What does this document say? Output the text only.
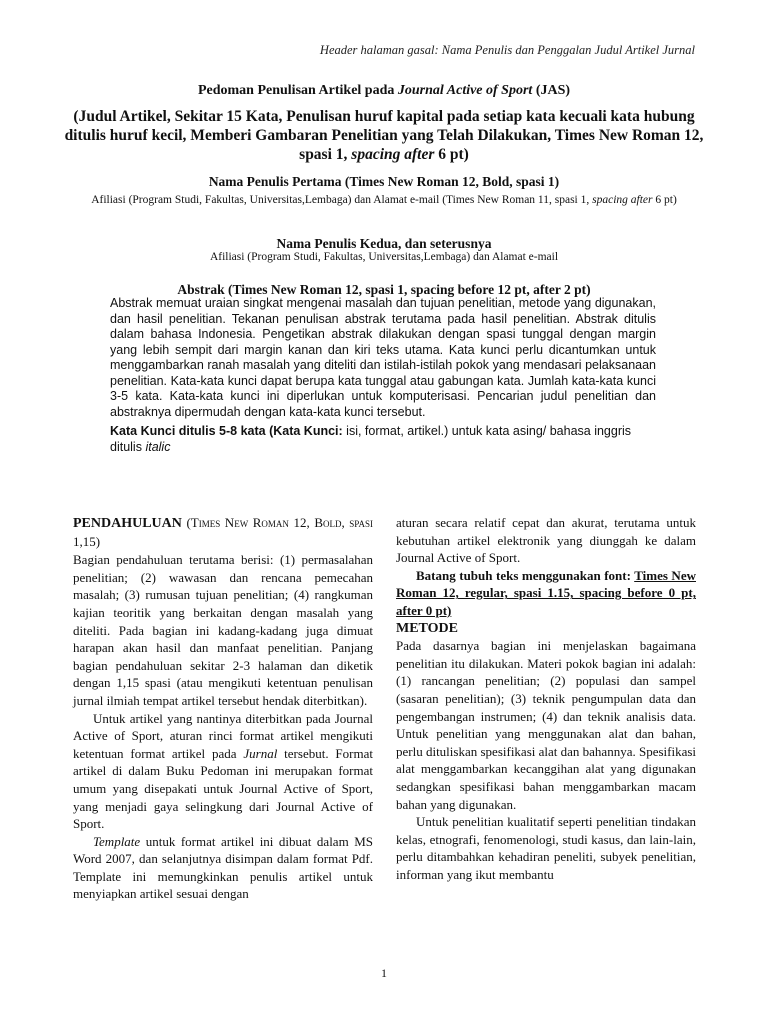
Header halaman gasal: Nama Penulis dan Penggalan Judul Artikel Jurnal
Pedoman Penulisan Artikel pada Journal Active of Sport (JAS)
(Judul Artikel, Sekitar 15 Kata, Penulisan huruf kapital pada setiap kata kecuali kata hubung ditulis huruf kecil, Memberi Gambaran Penelitian yang Telah Dilakukan, Times New Roman 12, spasi 1, spacing after 6 pt)
Nama Penulis Pertama (Times New Roman 12, Bold, spasi 1)
Afiliasi (Program Studi, Fakultas, Universitas,Lembaga) dan Alamat e-mail (Times New Roman 11, spasi 1, spacing after 6 pt)
Nama Penulis Kedua, dan seterusnya
Afiliasi (Program Studi, Fakultas, Universitas,Lembaga) dan Alamat e-mail
Abstrak (Times New Roman 12, spasi 1, spacing before 12 pt, after 2 pt)

Abstrak memuat uraian singkat mengenai masalah dan tujuan penelitian, metode yang digunakan, dan hasil penelitian. Tekanan penulisan abstrak terutama pada hasil penelitian. Abstrak ditulis dalam bahasa Indonesia. Pengetikan abstrak dilakukan dengan spasi tunggal dengan margin yang lebih sempit dari margin kanan dan kiri teks utama. Kata kunci perlu dicantumkan untuk menggambarkan ranah masalah yang diteliti dan istilah-istilah pokok yang mendasari pelaksanaan penelitian. Kata-kata kunci dapat berupa kata tunggal atau gabungan kata. Jumlah kata-kata kunci 3-5 kata. Kata-kata kunci ini diperlukan untuk komputerisasi. Pencarian judul penelitian dan abstraknya dipermudah dengan kata-kata kunci tersebut.

Kata Kunci ditulis 5-8 kata (Kata Kunci: isi, format, artikel.) untuk kata asing/ bahasa inggris ditulis italic

PENDAHULUAN (Times New Roman 12, Bold, spasi 1,15)

Bagian pendahuluan terutama berisi: (1) permasalahan penelitian; (2) wawasan dan rencana pemecahan masalah; (3) rumusan tujuan penelitian; (4) rangkuman kajian teoritik yang berkaitan dengan masalah yang diteliti. Pada bagian ini kadang-kadang juga dimuat harapan akan hasil dan manfaat penelitian. Panjang bagian pendahuluan sekitar 2-3 halaman dan diketik dengan 1,15 spasi (atau mengikuti ketentuan penulisan jurnal ilmiah tempat artikel tersebut hendak diterbitkan).

Untuk artikel yang nantinya diterbitkan pada Journal Active of Sport, aturan rinci format artikel mengikuti ketentuan format artikel pada Jurnal tersebut. Format artikel di dalam Buku Pedoman ini merupakan format umum yang disepakati untuk Journal Active of Sport, yang menjadi gaya selingkung dari Journal Active of Sport.

Template untuk format artikel ini dibuat dalam MS Word 2007, dan selanjutnya disimpan dalam format Pdf. Template ini memungkinkan penulis artikel untuk menyiapkan artikel sesuai dengan

aturan secara relatif cepat dan akurat, terutama untuk kebutuhan artikel elektronik yang diunggah ke dalam Journal Active of Sport.

Batang tubuh teks menggunakan font: Times New Roman 12, regular, spasi 1.15, spacing before 0 pt, after 0 pt)

METODE

Pada dasarnya bagian ini menjelaskan bagaimana penelitian itu dilakukan. Materi pokok bagian ini adalah: (1) rancangan penelitian; (2) populasi dan sampel (sasaran penelitian); (3) teknik pengumpulan data dan pengembangan instrumen; (4) dan teknik analisis data. Untuk penelitian yang menggunakan alat dan bahan, perlu dituliskan spesifikasi alat dan bahannya. Spesifikasi alat menggambarkan kecanggihan alat yang digunakan sedangkan spesifikasi bahan menggambarkan macam bahan yang digunakan.

Untuk penelitian kualitatif seperti penelitian tindakan kelas, etnografi, fenomenologi, studi kasus, dan lain-lain, perlu ditambahkan kehadiran peneliti, subyek penelitian, informan yang ikut membantu

1
